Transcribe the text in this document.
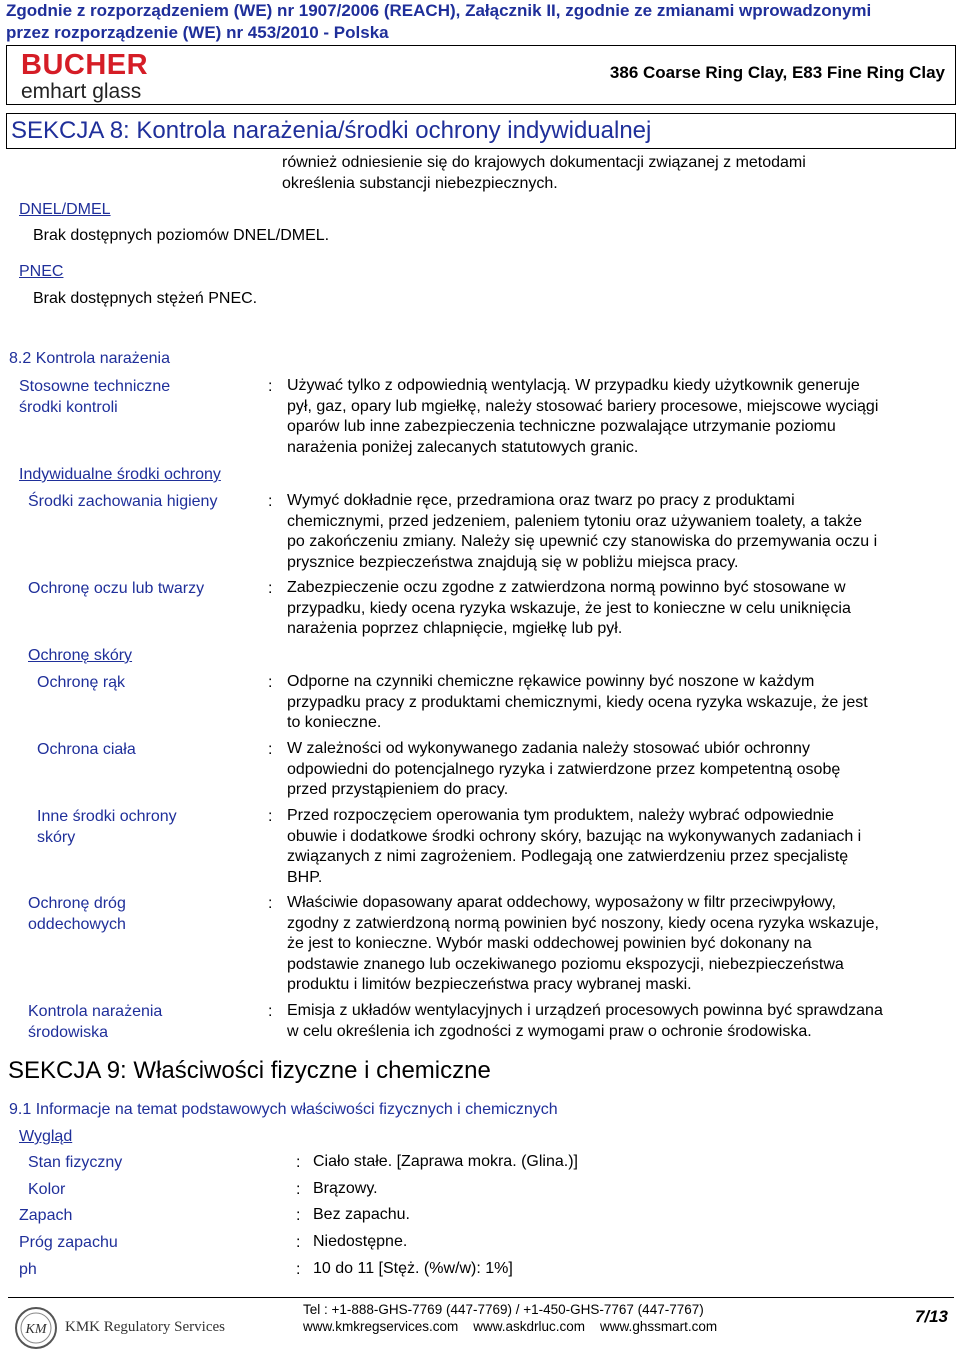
Zgodnie z rozporządzeniem (WE) nr 1907/2006 (REACH), Załącznik II, zgodnie ze zmianami wprowadzonymi
przez rozporządzenie (WE) nr 453/2010 - Polska
BUCHER
emhart glass
386 Coarse Ring Clay, E83 Fine Ring Clay
SEKCJA 8: Kontrola narażenia/środki ochrony indywidualnej
również odniesienie się do krajowych dokumentacji związanej z metodami
określenia substancji niebezpiecznych.
DNEL/DMEL
Brak dostępnych poziomów DNEL/DMEL.
PNEC
Brak dostępnych stężeń PNEC.
8.2 Kontrola narażenia
Stosowne techniczne
środki kontroli
: Używać tylko z odpowiednią wentylacją. W przypadku kiedy użytkownik generuje
pył, gaz, opary lub mgiełkę, należy stosować bariery procesowe, miejscowe wyciągi
oparów lub inne zabezpieczenia techniczne pozwalające utrzymanie poziomu
narażenia poniżej zalecanych statutowych granic.
Indywidualne środki ochrony
Środki zachowania higieny	: Wymyć dokładnie ręce, przedramiona oraz twarz po pracy z produktami
chemicznymi, przed jedzeniem, paleniem tytoniu oraz używaniem toalety, a także
po zakończeniu zmiany. Należy się upewnić czy stanowiska do przemywania oczu i
prysznice bezpieczeństwa znajdują się w pobliżu miejsca pracy.
Ochronę oczu lub twarzy	: Zabezpieczenie oczu zgodne z zatwierdzona normą powinno być stosowane w
przypadku, kiedy ocena ryzyka wskazuje, że jest to konieczne w celu uniknięcia
narażenia poprzez chlapnięcie, mgiełkę lub pył.
Ochronę skóry
Ochronę rąk	: Odporne na czynniki chemiczne rękawice powinny być noszone w każdym
przypadku pracy z produktami chemicznymi, kiedy ocena ryzyka wskazuje, że jest
to konieczne.
Ochrona ciała	: W zależności od wykonywanego zadania należy stosować ubiór ochronny
odpowiedni do potencjalnego ryzyka i zatwierdzone przez kompetentną osobę
przed przystąpieniem do pracy.
Inne środki ochrony
skóry
: Przed rozpoczęciem operowania tym produktem, należy wybrać odpowiednie
obuwie i dodatkowe środki ochrony skóry, bazując na wykonywanych zadaniach i
związanych z nimi zagrożeniem. Podlegają one zatwierdzeniu przez specjalistę
BHP.
Ochronę dróg
oddechowych
: Właściwie dopasowany aparat oddechowy, wyposażony w filtr przeciwpyłowy,
zgodny z zatwierdzoną normą powinien być noszony, kiedy ocena ryzyka wskazuje,
że jest to konieczne. Wybór maski oddechowej powinien być dokonany na
podstawie znanego lub oczekiwanego poziomu ekspozycji, niebezpieczeństwa
produktu i limitów bezpieczeństwa pracy wybranej maski.
Kontrola narażenia
środowiska
: Emisja z układów wentylacyjnych i urządzeń procesowych powinna być sprawdzana
w celu określenia ich zgodności z wymogami praw o ochronie środowiska.
SEKCJA 9: Właściwości fizyczne i chemiczne
9.1 Informacje na temat podstawowych właściwości fizycznych i chemicznych
Wygląd
Stan fizyczny	: Ciało stałe. [Zaprawa mokra. (Glina.)]
Kolor	: Brązowy.
Zapach	: Bez zapachu.
Próg zapachu	: Niedostępne.
ph	: 10 do 11 [Stęż. (%w/w): 1%]
KM KMK Regulatory Services
Tel : +1-888-GHS-7769 (447-7769) / +1-450-GHS-7767 (447-7767)
www.kmkregservices.com    www.askdrluc.com    www.ghssmart.com
7/13
